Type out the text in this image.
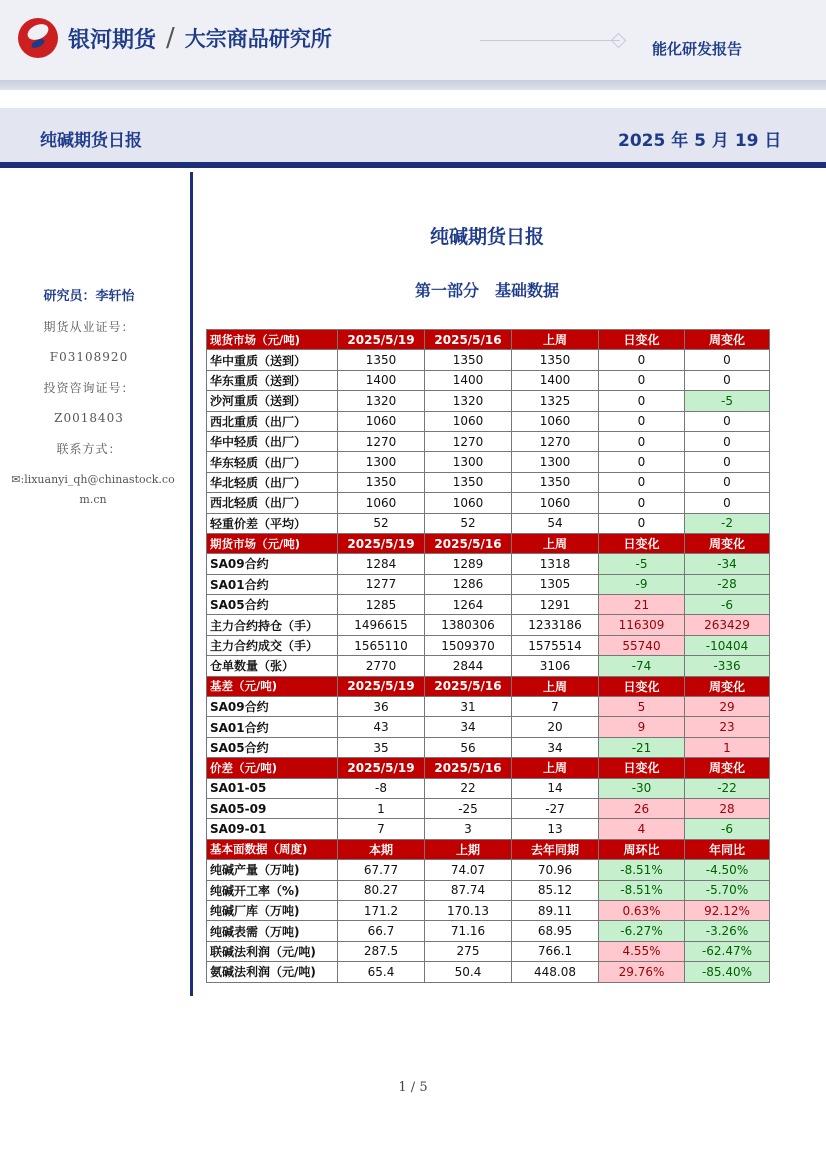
银河期货 / 大宗商品研究所	能化研发报告
纯碱期货日报	2025 年 5 月 19 日
研究员：李轩怡
期货从业证号：
F03108920
投资咨询证号：
Z0018403
联系方式：
✉:lixuanyi_qh@chinastock.com.cn
纯碱期货日报
第一部分　基础数据
现货市场（元/吨)	2025/5/19	2025/5/16	上周	日变化	周变化
华中重质（送到）	1350	1350	1350	0	0
华东重质（送到）	1400	1400	1400	0	0
沙河重质（送到）	1320	1320	1325	0	-5
西北重质（出厂）	1060	1060	1060	0	0
华中轻质（出厂）	1270	1270	1270	0	0
华东轻质（出厂）	1300	1300	1300	0	0
华北轻质（出厂）	1350	1350	1350	0	0
西北轻质（出厂）	1060	1060	1060	0	0
轻重价差（平均）	52	52	54	0	-2
期货市场（元/吨)	2025/5/19	2025/5/16	上周	日变化	周变化
SA09合约	1284	1289	1318	-5	-34
SA01合约	1277	1286	1305	-9	-28
SA05合约	1285	1264	1291	21	-6
主力合约持仓（手）	1496615	1380306	1233186	116309	263429
主力合约成交（手）	1565110	1509370	1575514	55740	-10404
仓单数量（张）	2770	2844	3106	-74	-336
基差（元/吨)	2025/5/19	2025/5/16	上周	日变化	周变化
SA09合约	36	31	7	5	29
SA01合约	43	34	20	9	23
SA05合约	35	56	34	-21	1
价差（元/吨)	2025/5/19	2025/5/16	上周	日变化	周变化
SA01-05	-8	22	14	-30	-22
SA05-09	1	-25	-27	26	28
SA09-01	7	3	13	4	-6
基本面数据（周度)	本期	上期	去年同期	周环比	年同比
纯碱产量（万吨)	67.77	74.07	70.96	-8.51%	-4.50%
纯碱开工率（%)	80.27	87.74	85.12	-8.51%	-5.70%
纯碱厂库（万吨)	171.2	170.13	89.11	0.63%	92.12%
纯碱表需（万吨)	66.7	71.16	68.95	-6.27%	-3.26%
联碱法利润（元/吨)	287.5	275	766.1	4.55%	-62.47%
氨碱法利润（元/吨)	65.4	50.4	448.08	29.76%	-85.40%
1 / 5
